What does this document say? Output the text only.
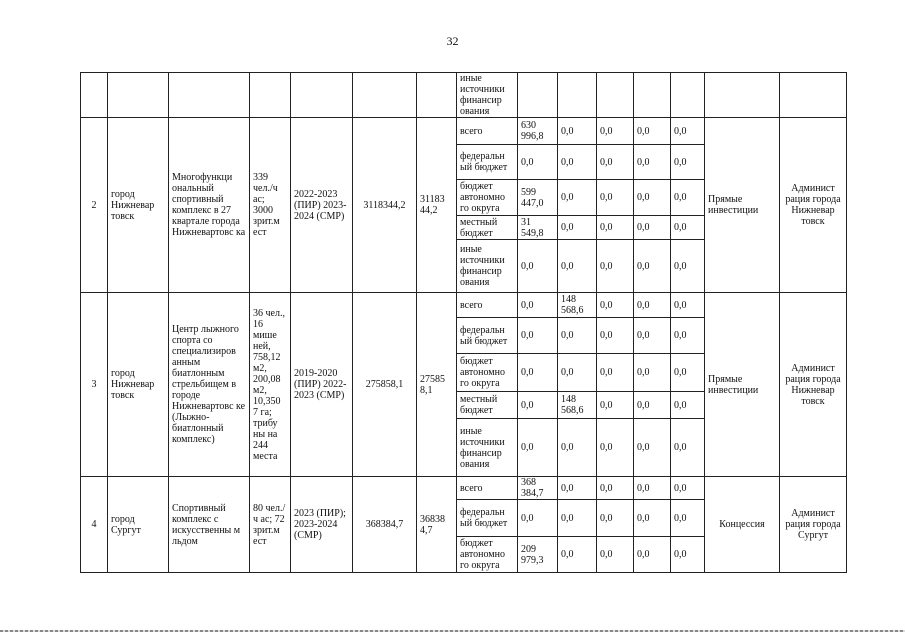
32
							иные источники финансир ования							
2	город Нижневар товск	Многофункци ональный спортивный комплекс в 27 квартале города Нижневартовс ка	339 чел./ч ас; 3000 зрит.м ест	2022-2023 (ПИР) 2023-2024 (СМР)	3118344,2	31183 44,2	всего	630 996,8	0,0	0,0	0,0	0,0	Прямые инвестиции	Админист рация города Нижневар товск
							федеральн ый бюджет	0,0	0,0	0,0	0,0	0,0		
							бюджет автономно го округа	599 447,0	0,0	0,0	0,0	0,0		
							местный бюджет	31 549,8	0,0	0,0	0,0	0,0		
							иные источники финансир ования	0,0	0,0	0,0	0,0	0,0		
3	город Нижневар товск	Центр лыжного спорта со специализиров анным биатлонным стрельбищем в городе Нижневартовс ке (Лыжно-биатлонный комплекс)	36 чел., 16 мише ней, 758,12 м2, 200,08 м2, 10,350 7 га; трибу ны на 244 места	2019-2020 (ПИР) 2022-2023 (СМР)	275858,1	27585 8,1	всего	0,0	148 568,6	0,0	0,0	0,0	Прямые инвестиции	Админист рация города Нижневар товск
							федеральн ый бюджет	0,0	0,0	0,0	0,0	0,0		
							бюджет автономно го округа	0,0	0,0	0,0	0,0	0,0		
							местный бюджет	0,0	148 568,6	0,0	0,0	0,0		
							иные источники финансир ования	0,0	0,0	0,0	0,0	0,0		
4	город Сургут	Спортивный комплекс с искусственны м льдом	80 чел./ч ас; 72 зрит.м ест	2023 (ПИР); 2023-2024 (СМР)	368384,7	36838 4,7	всего	368 384,7	0,0	0,0	0,0	0,0	Концессия	Админист рация города Сургут
							федеральн ый бюджет	0,0	0,0	0,0	0,0	0,0		
							бюджет автономно го округа	209 979,3	0,0	0,0	0,0	0,0		
